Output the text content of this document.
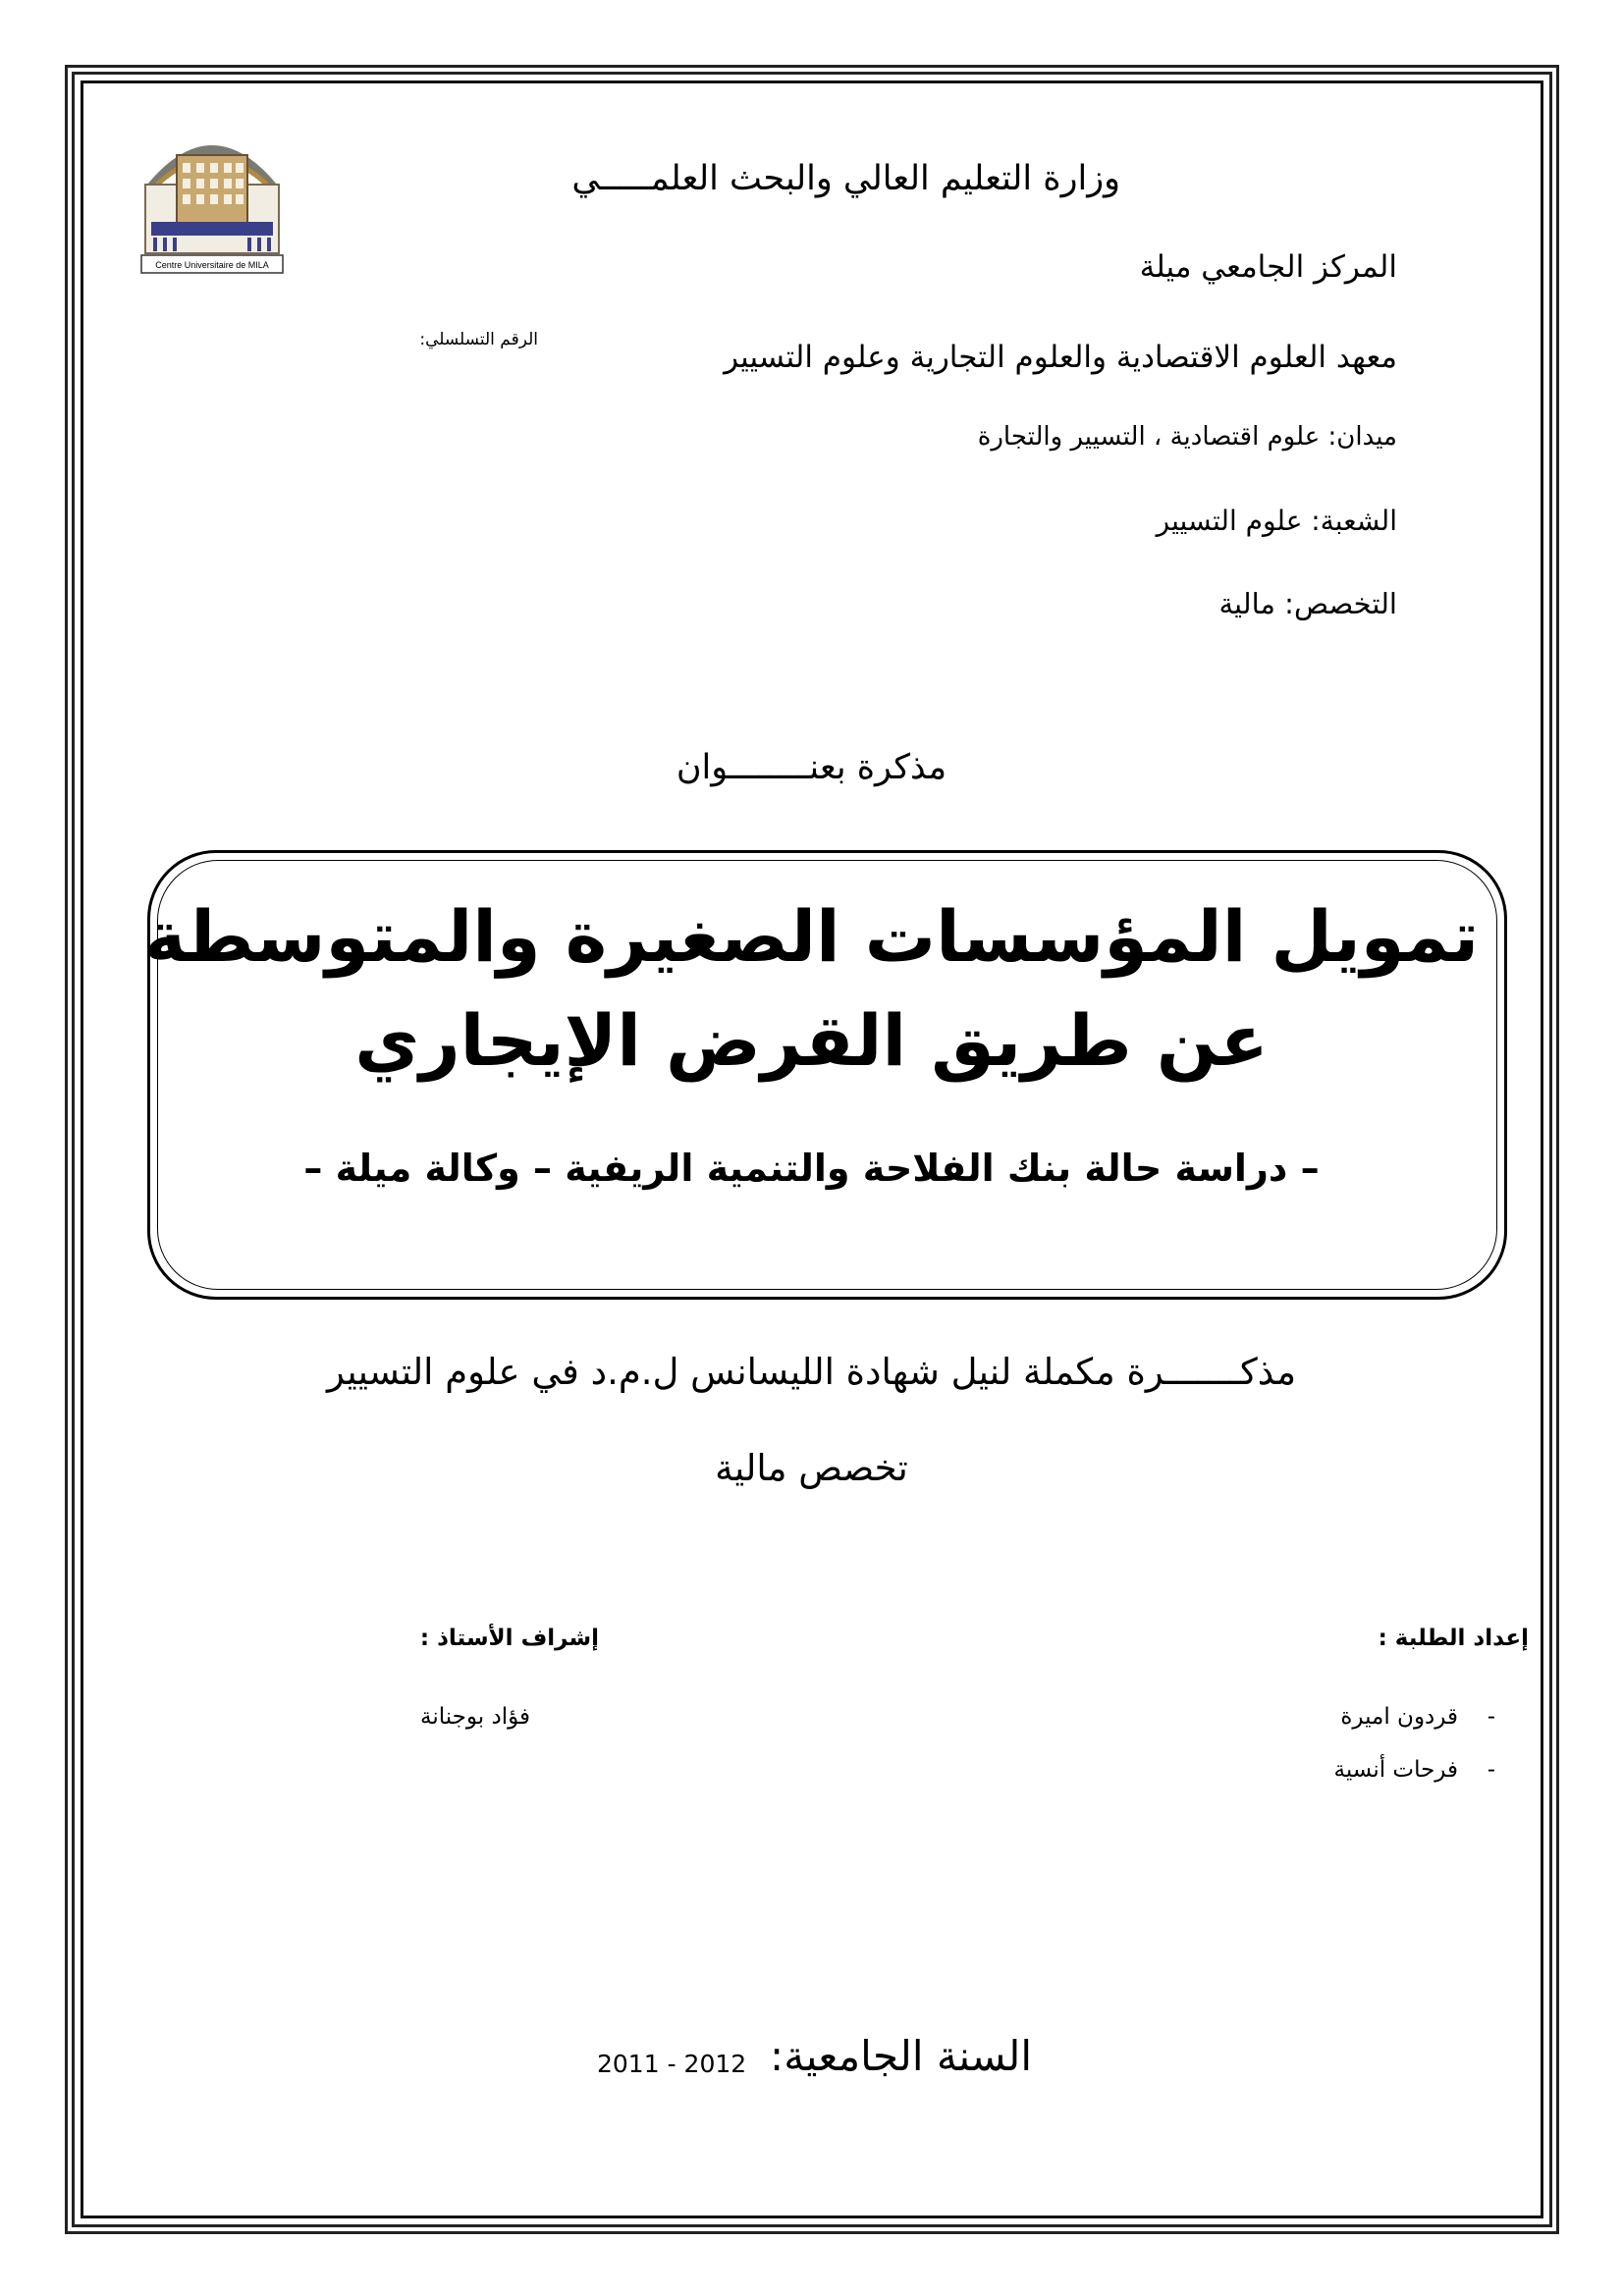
Centre Universitaire de MILA
وزارة التعليم العالي والبحث العلمـــــي
المركز الجامعي ميلة
معهد العلوم الاقتصادية والعلوم التجارية وعلوم التسيير
الرقم التسلسلي:
ميدان: علوم اقتصادية ، التسيير والتجارة
الشعبة: علوم التسيير
التخصص: مالية
مذكرة بعنــــــــوان
تمويل المؤسسات الصغيرة والمتوسطة
عن طريق القرض الإيجاري
– دراسة حالة بنك الفلاحة والتنمية الريفية – وكالة ميلة –
مذكـــــــرة مكملة لنيل شهادة الليسانس ل.م.د في علوم التسيير
تخصص مالية
إعداد الطلبة :
إشراف الأستاذ :
-
قردون اميرة
-
فرحات أنسية
فؤاد بوجنانة
السنة الجامعية:
2011 - 2012
